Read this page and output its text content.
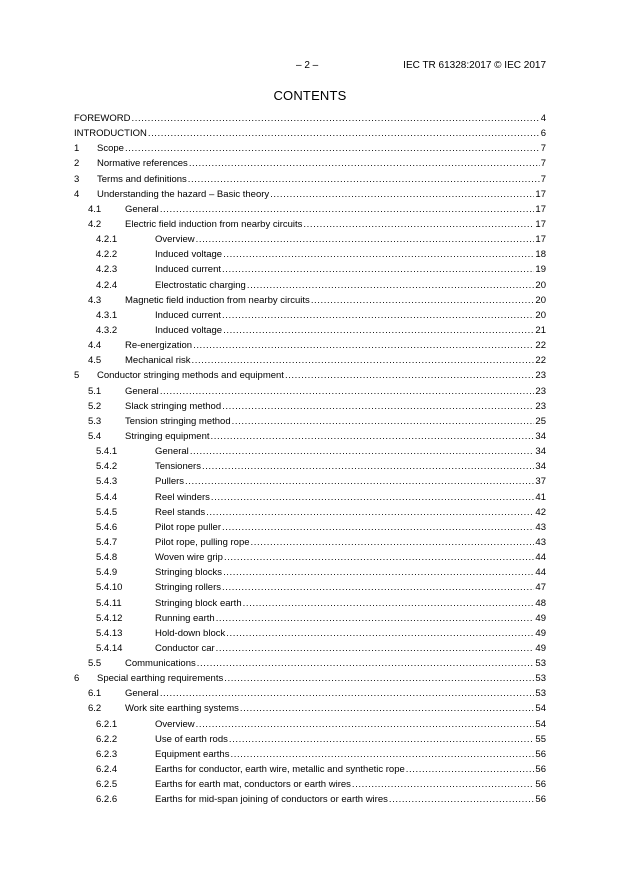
– 2 –	IEC TR 61328:2017 © IEC 2017
CONTENTS
FOREWORD .....	4
INTRODUCTION .....	6
1	Scope .....	7
2	Normative references .....	7
3	Terms and definitions .....	7
4	Understanding the hazard – Basic theory .....	17
4.1	General .....	17
4.2	Electric field induction from nearby circuits .....	17
4.2.1	Overview .....	17
4.2.2	Induced voltage .....	18
4.2.3	Induced current .....	19
4.2.4	Electrostatic charging .....	20
4.3	Magnetic field induction from nearby circuits .....	20
4.3.1	Induced current .....	20
4.3.2	Induced voltage .....	21
4.4	Re-energization .....	22
4.5	Mechanical risk .....	22
5	Conductor stringing methods and equipment .....	23
5.1	General .....	23
5.2	Slack stringing method .....	23
5.3	Tension stringing method .....	25
5.4	Stringing equipment .....	34
5.4.1	General .....	34
5.4.2	Tensioners .....	34
5.4.3	Pullers .....	37
5.4.4	Reel winders .....	41
5.4.5	Reel stands .....	42
5.4.6	Pilot rope puller .....	43
5.4.7	Pilot rope, pulling rope .....	43
5.4.8	Woven wire grip .....	44
5.4.9	Stringing blocks .....	44
5.4.10	Stringing rollers .....	47
5.4.11	Stringing block earth .....	48
5.4.12	Running earth .....	49
5.4.13	Hold-down block .....	49
5.4.14	Conductor car .....	49
5.5	Communications .....	53
6	Special earthing requirements .....	53
6.1	General .....	53
6.2	Work site earthing systems .....	54
6.2.1	Overview .....	54
6.2.2	Use of earth rods .....	55
6.2.3	Equipment earths .....	56
6.2.4	Earths for conductor, earth wire, metallic and synthetic rope .....	56
6.2.5	Earths for earth mat, conductors or earth wires .....	56
6.2.6	Earths for mid-span joining of conductors or earth wires .....	56
